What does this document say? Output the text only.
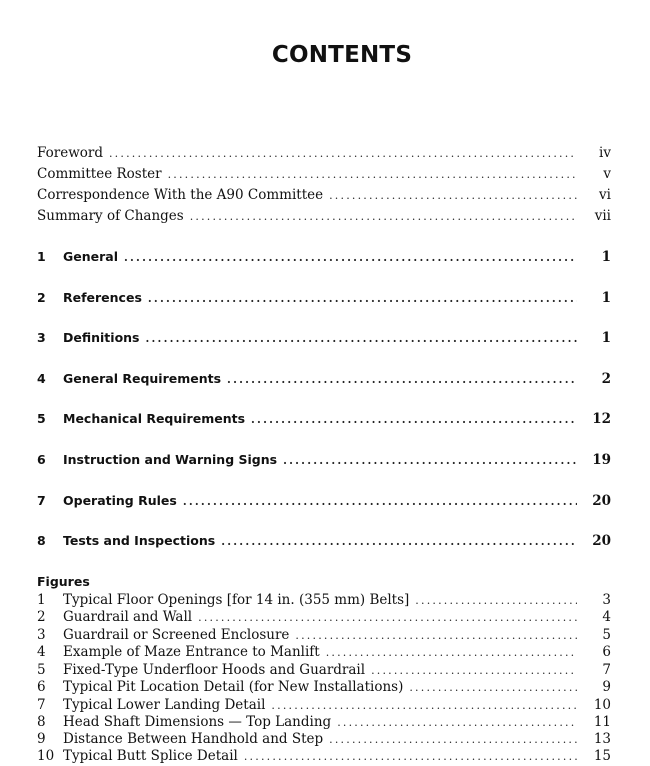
CONTENTS
Foreword .....	iv
Committee Roster .....	v
Correspondence With the A90 Committee .....	vi
Summary of Changes .....	vii
1	General .....	1
2	References .....	1
3	Definitions .....	1
4	General Requirements .....	2
5	Mechanical Requirements .....	12
6	Instruction and Warning Signs .....	19
7	Operating Rules .....	20
8	Tests and Inspections .....	20
Figures
1	Typical Floor Openings [for 14 in. (355 mm) Belts] .....	3
2	Guardrail and Wall .....	4
3	Guardrail or Screened Enclosure .....	5
4	Example of Maze Entrance to Manlift .....	6
5	Fixed-Type Underfloor Hoods and Guardrail .....	7
6	Typical Pit Location Detail (for New Installations) .....	9
7	Typical Lower Landing Detail .....	10
8	Head Shaft Dimensions — Top Landing .....	11
9	Distance Between Handhold and Step .....	13
10 Typical Butt Splice Detail .....	15
